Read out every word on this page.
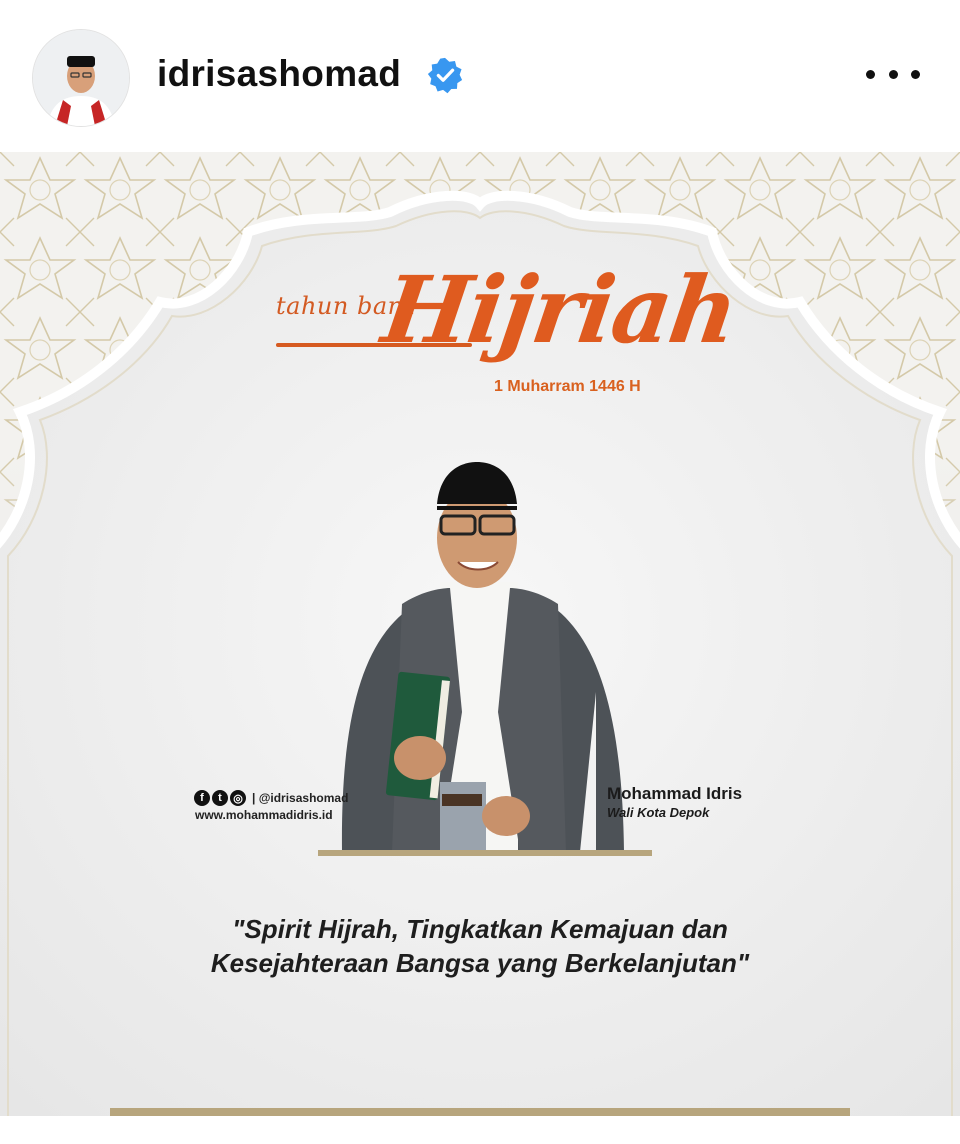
idrisashomad
tahun baru
Hijriah
1 Muharram 1446 H
f	t	◎ | @idrisashomad
www.mohammadidris.id
Mohammad Idris
Wali Kota Depok
"Spirit Hijrah, Tingkatkan Kemajuan dan
Kesejahteraan Bangsa yang Berkelanjutan"
